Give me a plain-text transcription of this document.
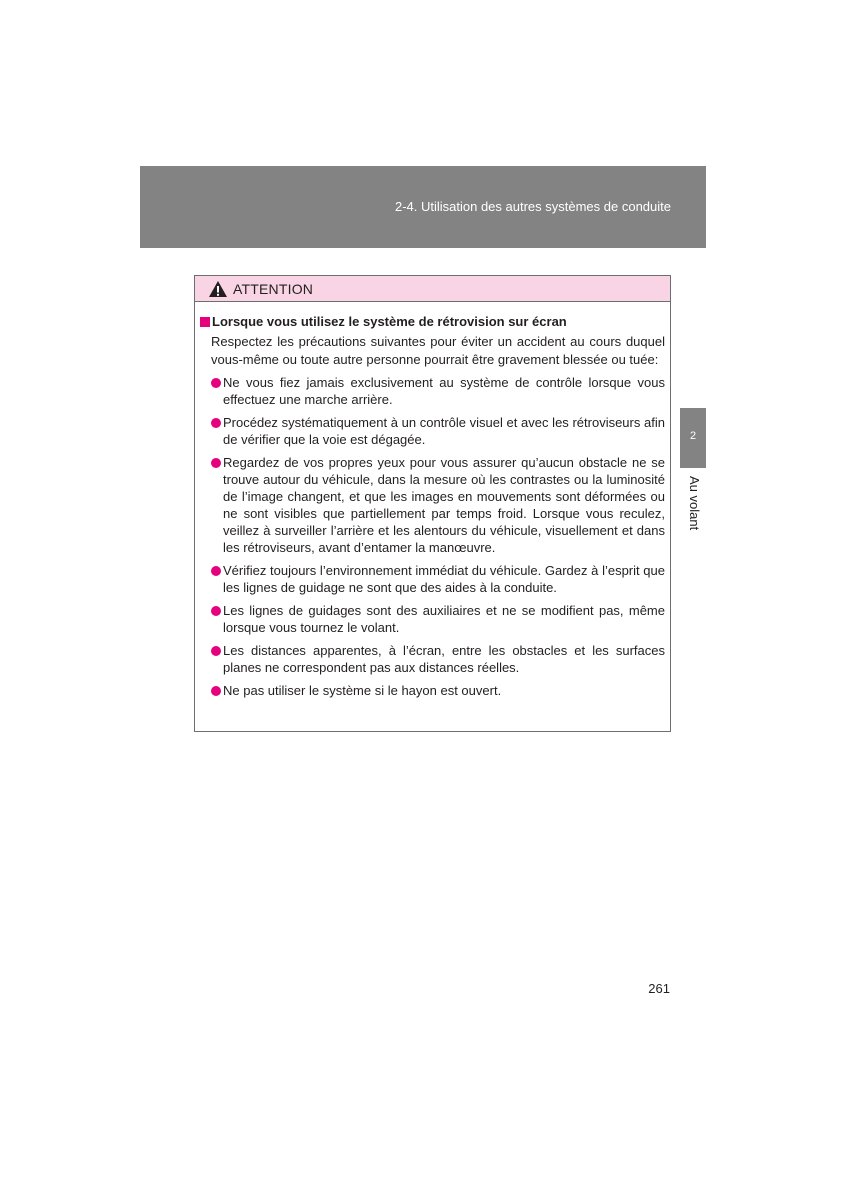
2-4. Utilisation des autres systèmes de conduite
2
Au volant
ATTENTION
Lorsque vous utilisez le système de rétrovision sur écran
Respectez les précautions suivantes pour éviter un accident au cours duquel vous-même ou toute autre personne pourrait être gravement blessée ou tuée:
Ne vous fiez jamais exclusivement au système de contrôle lorsque vous effectuez une marche arrière.
Procédez systématiquement à un contrôle visuel et avec les rétroviseurs afin de vérifier que la voie est dégagée.
Regardez de vos propres yeux pour vous assurer qu’aucun obstacle ne se trouve autour du véhicule, dans la mesure où les contrastes ou la luminosité de l’image changent, et que les images en mouvements sont déformées ou ne sont visibles que partiellement par temps froid. Lorsque vous reculez, veillez à surveiller l’arrière et les alentours du véhicule, visuellement et dans les rétroviseurs, avant d’entamer la manœuvre.
Vérifiez toujours l’environnement immédiat du véhicule. Gardez à l’esprit que les lignes de guidage ne sont que des aides à la conduite.
Les lignes de guidages sont des auxiliaires et ne se modifient pas, même lorsque vous tournez le volant.
Les distances apparentes, à l’écran, entre les obstacles et les surfaces planes ne correspondent pas aux distances réelles.
Ne pas utiliser le système si le hayon est ouvert.
261
